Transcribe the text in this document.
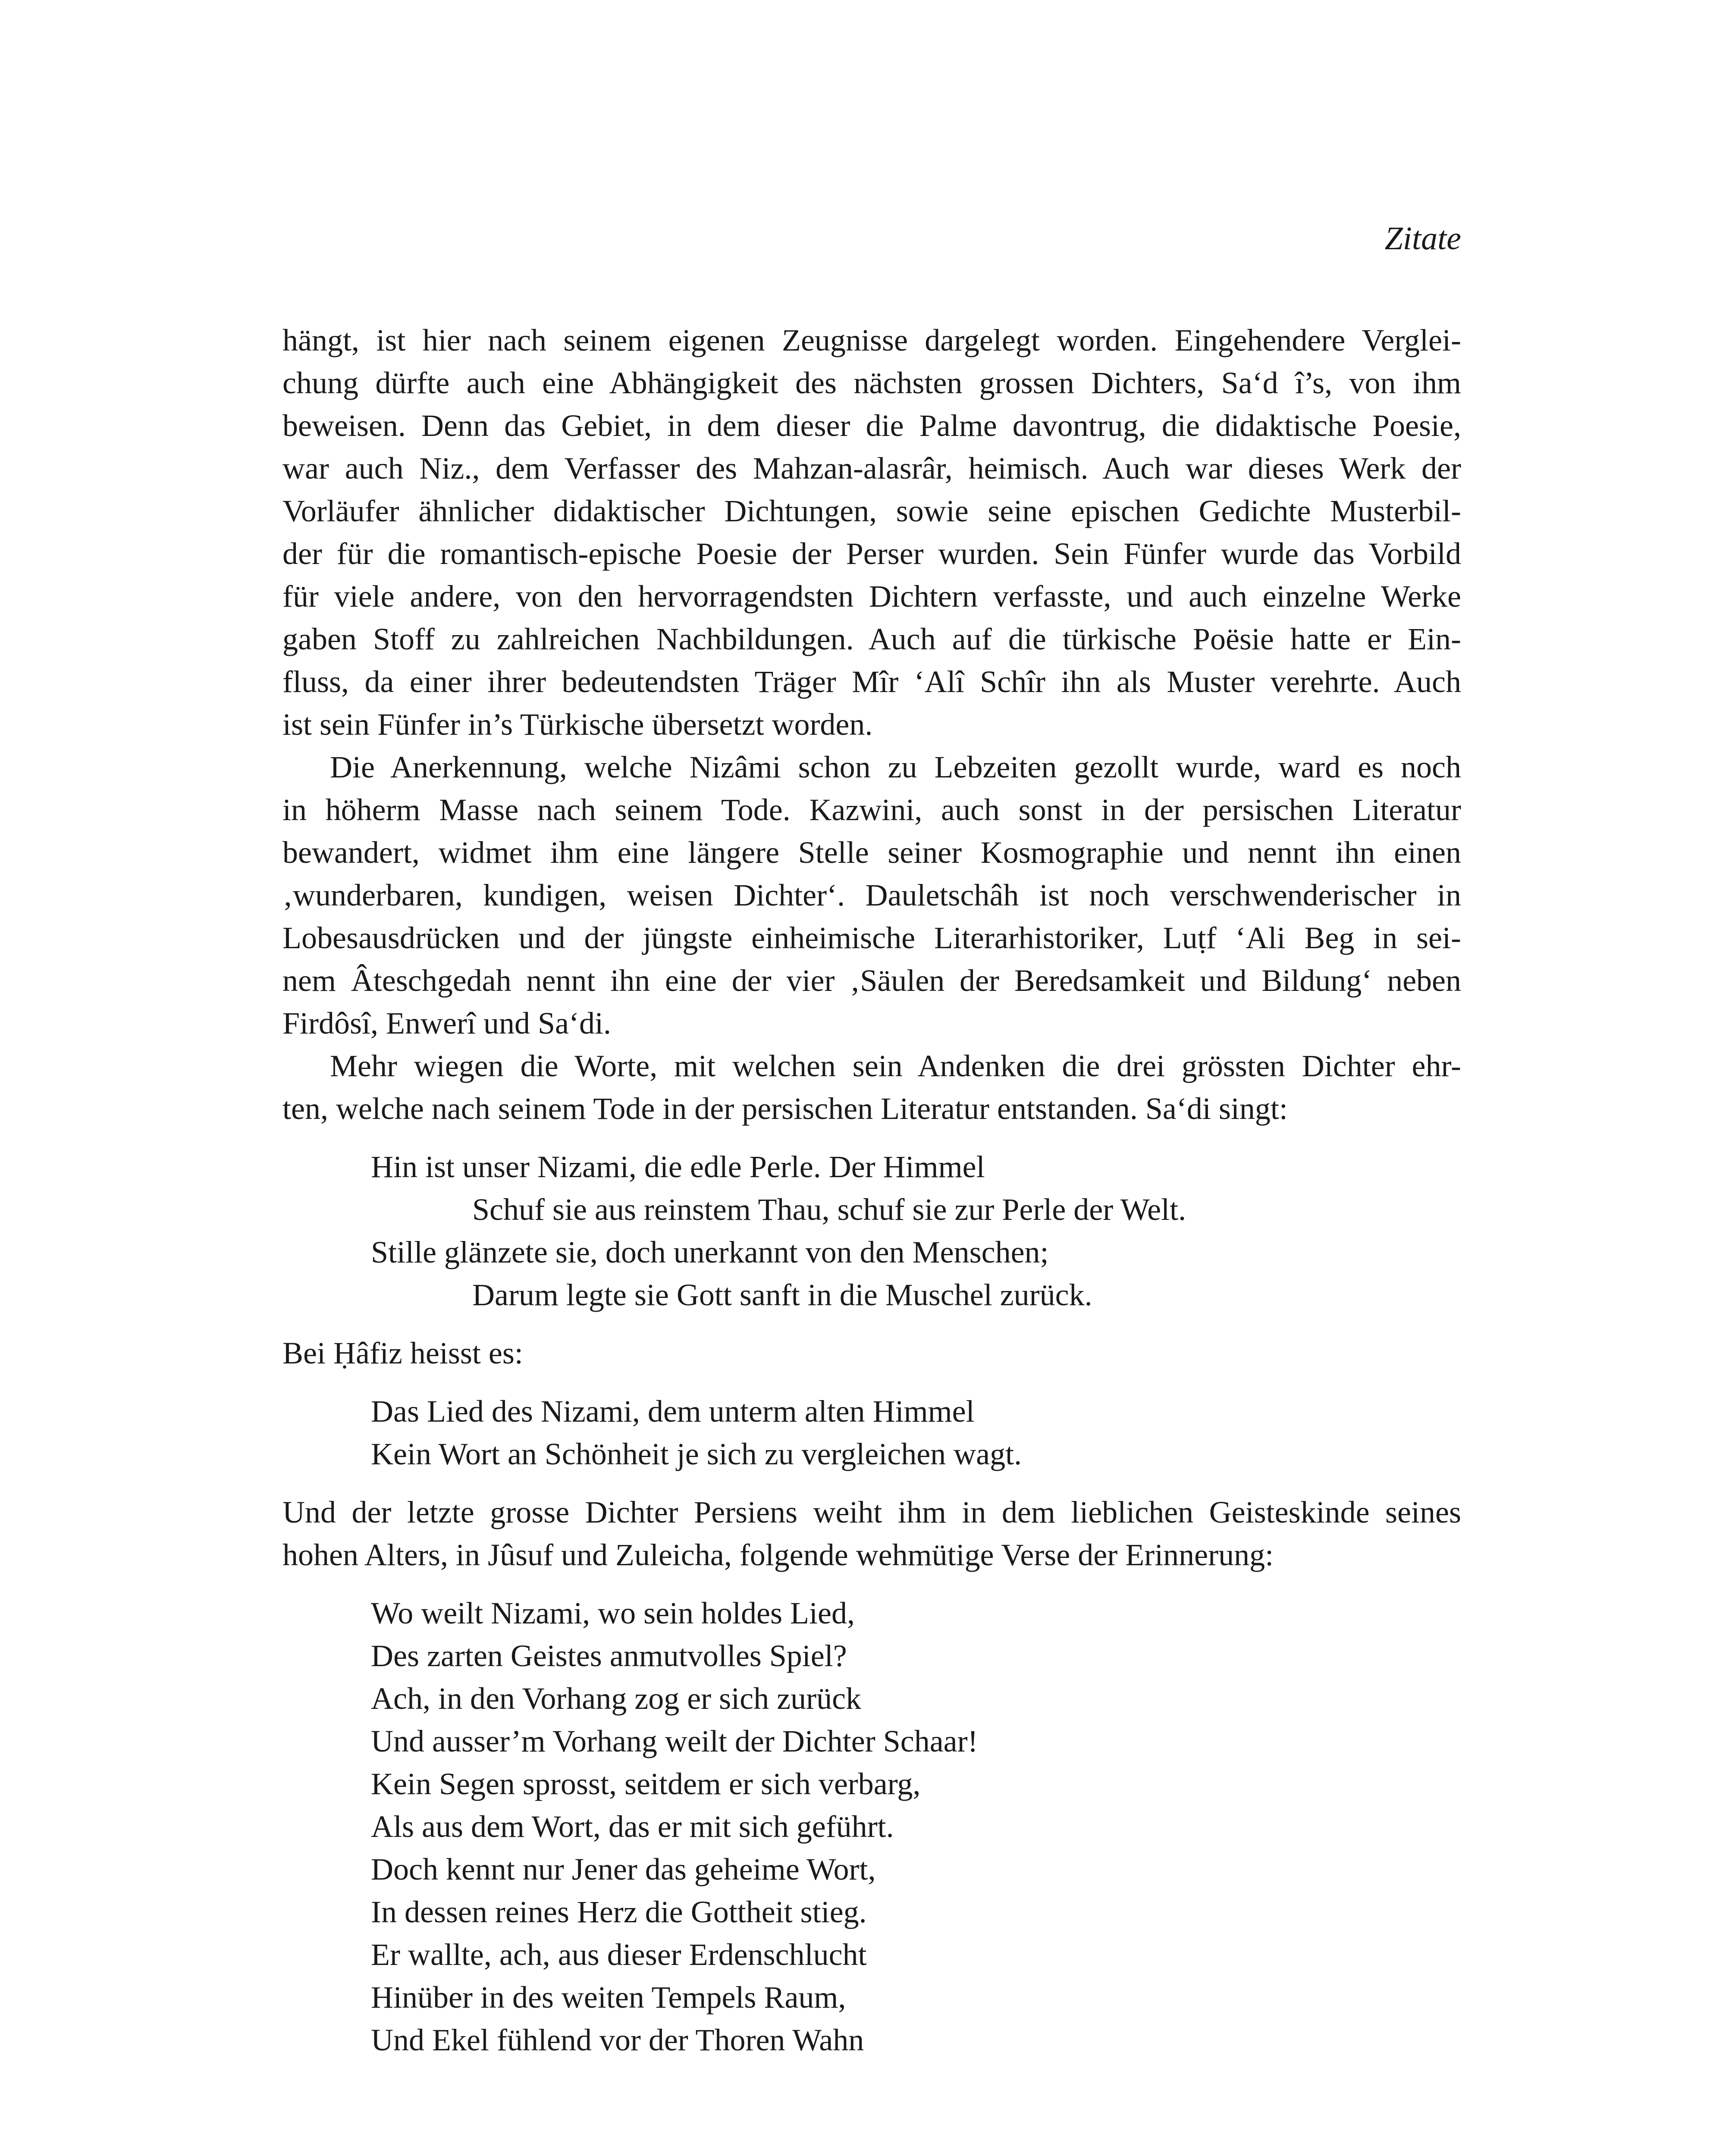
Zitate
hängt, ist hier nach seinem eigenen Zeugnisse dargelegt worden. Eingehendere Verglei-
chung dürfte auch eine Abhängigkeit des nächsten grossen Dichters, Sa‘d î’s, von ihm
beweisen. Denn das Gebiet, in dem dieser die Palme davontrug, die didaktische Poesie,
war auch Niz., dem Verfasser des Mahzan-alasrâr, heimisch. Auch war dieses Werk der
Vorläufer ähnlicher didaktischer Dichtungen, sowie seine epischen Gedichte Musterbil-
der für die romantisch-epische Poesie der Perser wurden. Sein Fünfer wurde das Vorbild
für viele andere, von den hervorragendsten Dichtern verfasste, und auch einzelne Werke
gaben Stoff zu zahlreichen Nachbildungen. Auch auf die türkische Poësie hatte er Ein-
fluss, da einer ihrer bedeutendsten Träger Mîr ‘Alî Schîr ihn als Muster verehrte. Auch
ist sein Fünfer in’s Türkische übersetzt worden.
Die Anerkennung, welche Nizâmi schon zu Lebzeiten gezollt wurde, ward es noch
in höherm Masse nach seinem Tode. Kazwini, auch sonst in der persischen Literatur
bewandert, widmet ihm eine längere Stelle seiner Kosmographie und nennt ihn einen
‚wunderbaren, kundigen, weisen Dichter‘. Dauletschâh ist noch verschwenderischer in
Lobesausdrücken und der jüngste einheimische Literarhistoriker, Luṭf ‘Ali Beg in sei-
nem Âteschgedah nennt ihn eine der vier ‚Säulen der Beredsamkeit und Bildung‘ neben
Firdôsî, Enwerî und Sa‘di.
Mehr wiegen die Worte, mit welchen sein Andenken die drei grössten Dichter ehr-
ten, welche nach seinem Tode in der persischen Literatur entstanden. Sa‘di singt:
Hin ist unser Nizami, die edle Perle. Der Himmel
Schuf sie aus reinstem Thau, schuf sie zur Perle der Welt.
Stille glänzete sie, doch unerkannt von den Menschen;
Darum legte sie Gott sanft in die Muschel zurück.
Bei Ḥâfiz heisst es:
Das Lied des Nizami, dem unterm alten Himmel
Kein Wort an Schönheit je sich zu vergleichen wagt.
Und der letzte grosse Dichter Persiens weiht ihm in dem lieblichen Geisteskinde seines
hohen Alters, in Jûsuf und Zuleicha, folgende wehmütige Verse der Erinnerung:
Wo weilt Nizami, wo sein holdes Lied,
Des zarten Geistes anmutvolles Spiel?
Ach, in den Vorhang zog er sich zurück
Und ausser’m Vorhang weilt der Dichter Schaar!
Kein Segen sprosst, seitdem er sich verbarg,
Als aus dem Wort, das er mit sich geführt.
Doch kennt nur Jener das geheime Wort,
In dessen reines Herz die Gottheit stieg.
Er wallte, ach, aus dieser Erdenschlucht
Hinüber in des weiten Tempels Raum,
Und Ekel fühlend vor der Thoren Wahn
